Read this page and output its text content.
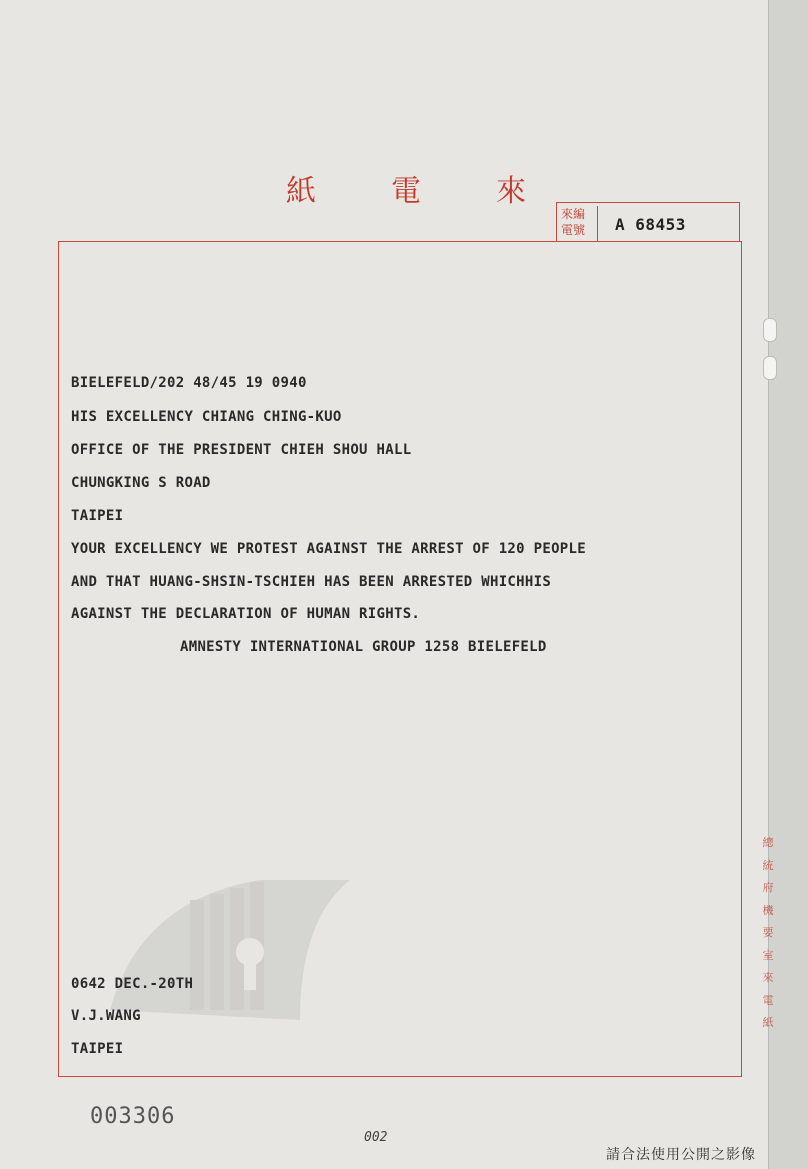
紙	電	來
來編
電號	A 68453
BIELEFELD/202 48/45 19 0940
HIS EXCELLENCY CHIANG CHING-KUO
OFFICE OF THE PRESIDENT CHIEH SHOU HALL
CHUNGKING S ROAD
TAIPEI
YOUR EXCELLENCY WE PROTEST AGAINST THE ARREST OF 120 PEOPLE
AND THAT HUANG-SHSIN-TSCHIEH HAS BEEN ARRESTED WHICHHIS
AGAINST THE DECLARATION OF HUMAN RIGHTS.
AMNESTY INTERNATIONAL GROUP 1258 BIELEFELD
0642 DEC.-20TH
V.J.WANG
TAIPEI
003306
002
總
統
府
機
要
室
來
電
紙
請合法使用公開之影像
